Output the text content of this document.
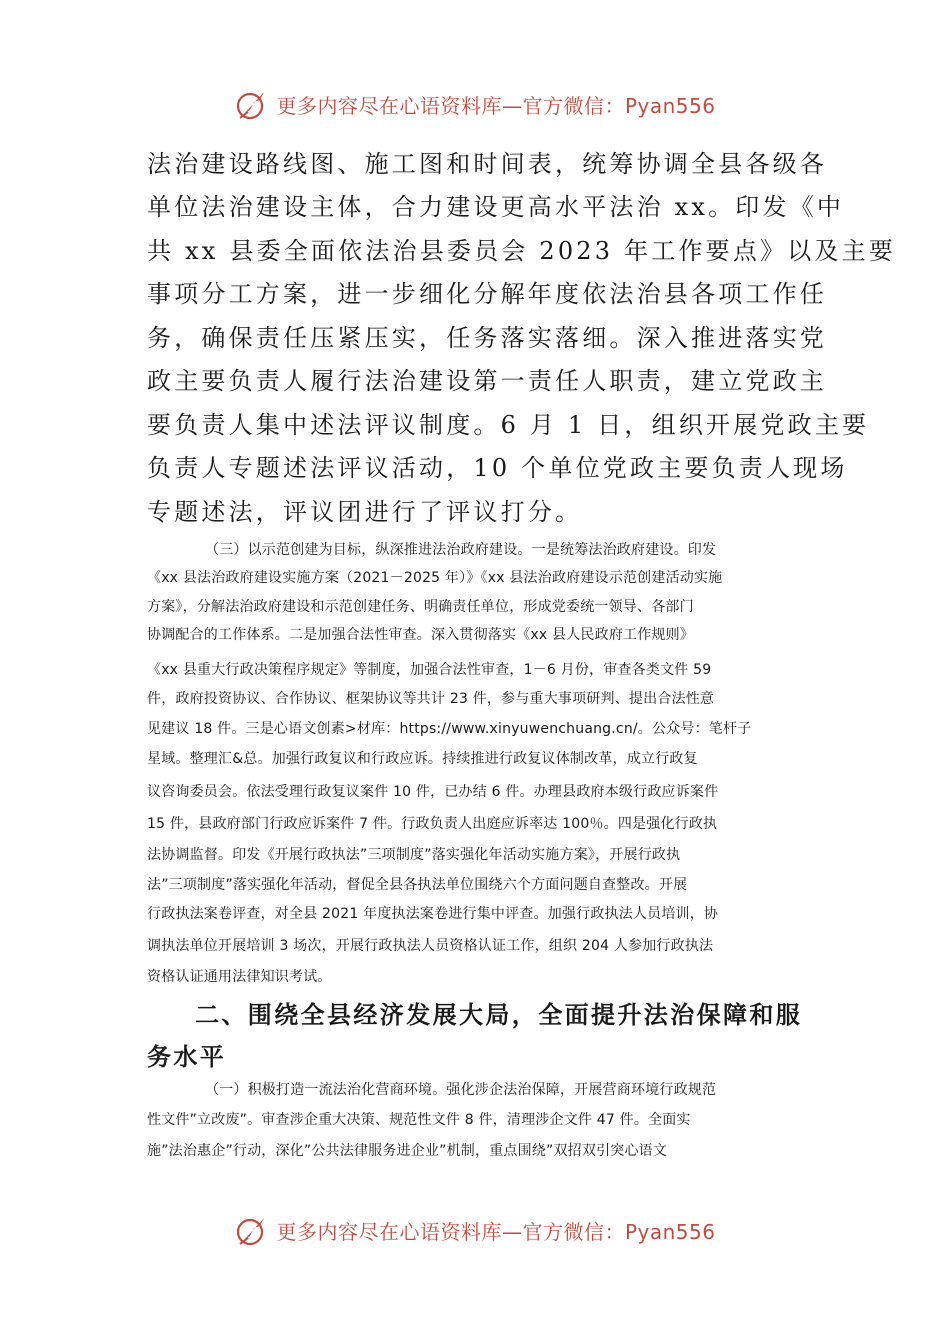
更多内容尽在心语资料库—官方微信：Pyan556
法治建设路线图、施工图和时间表，统筹协调全县各级各
单位法治建设主体，合力建设更高水平法治 xx。印发《中
共 xx 县委全面依法治县委员会 2023 年工作要点》以及主要
事项分工方案，进一步细化分解年度依法治县各项工作任
务，确保责任压紧压实，任务落实落细。深入推进落实党
政主要负责人履行法治建设第一责任人职责，建立党政主
要负责人集中述法评议制度。6 月 1 日，组织开展党政主要
负责人专题述法评议活动，10 个单位党政主要负责人现场
专题述法，评议团进行了评议打分。
（三）以示范创建为目标，纵深推进法治政府建设。一是统筹法治政府建设。印发
《xx 县法治政府建设实施方案（2021－2025 年）》《xx 县法治政府建设示范创建活动实施
方案》，分解法治政府建设和示范创建任务、明确责任单位，形成党委统一领导、各部门
协调配合的工作体系。二是加强合法性审查。深入贯彻落实《xx 县人民政府工作规则》
《xx 县重大行政决策程序规定》等制度，加强合法性审查，1－6 月份，审查各类文件 59
件，政府投资协议、合作协议、框架协议等共计 23 件，参与重大事项研判、提出合法性意
见建议 18 件。三是心语文创素>材库：https://www.xinyuwenchuang.cn/。公众号：笔杆子
星域。整理汇&总。加强行政复议和行政应诉。持续推进行政复议体制改革，成立行政复
议咨询委员会。依法受理行政复议案件 10 件，已办结 6 件。办理县政府本级行政应诉案件
15 件，县政府部门行政应诉案件 7 件。行政负责人出庭应诉率达 100％。四是强化行政执
法协调监督。印发《开展行政执法”三项制度”落实强化年活动实施方案》，开展行政执
法”三项制度”落实强化年活动，督促全县各执法单位围绕六个方面问题自查整改。开展
行政执法案卷评查，对全县 2021 年度执法案卷进行集中评查。加强行政执法人员培训，协
调执法单位开展培训 3 场次，开展行政执法人员资格认证工作，组织 204 人参加行政执法
资格认证通用法律知识考试。
二、围绕全县经济发展大局，全面提升法治保障和服
务水平
（一）积极打造一流法治化营商环境。强化涉企法治保障，开展营商环境行政规范
性文件”立改废”。审查涉企重大决策、规范性文件 8 件，清理涉企文件 47 件。全面实
施”法治惠企”行动，深化”公共法律服务进企业”机制，重点围绕”双招双引突心语文
更多内容尽在心语资料库—官方微信：Pyan556
